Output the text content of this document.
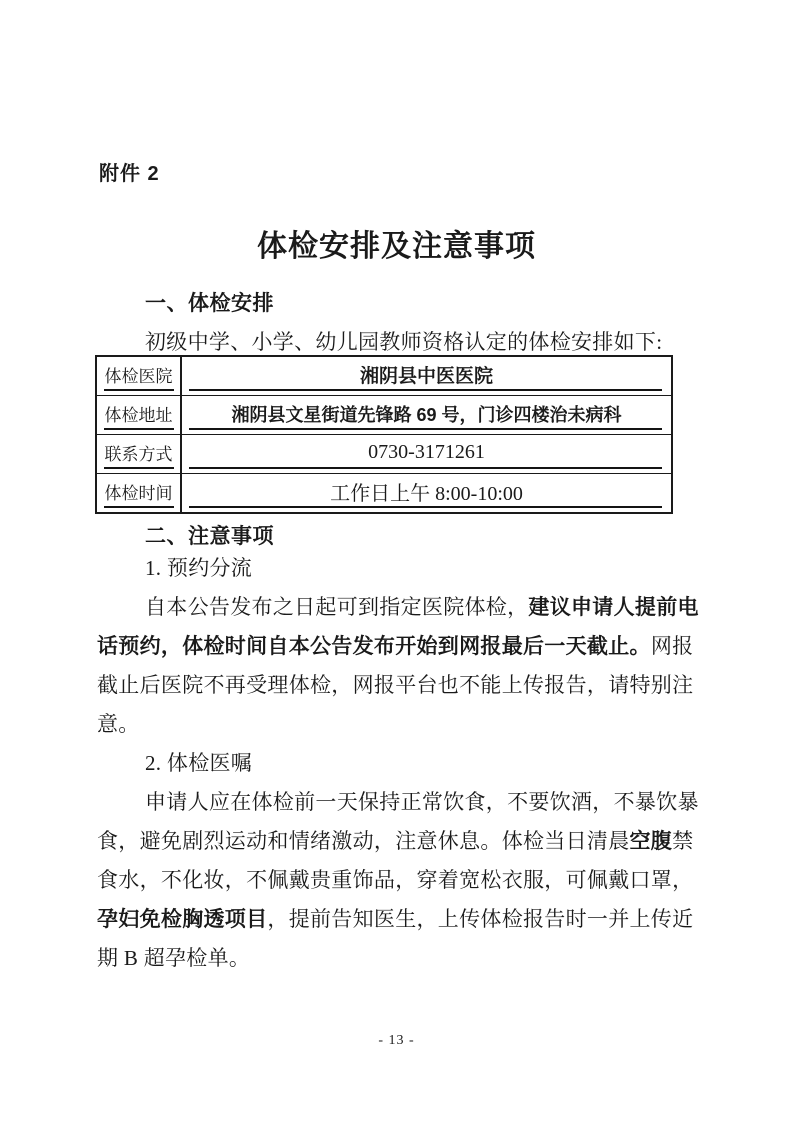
附件 2
体检安排及注意事项
一、体检安排
初级中学、小学、幼儿园教师资格认定的体检安排如下:
体检医院	湘阴县中医医院
体检地址	湘阴县文星街道先锋路 69 号，门诊四楼治未病科
联系方式	0730-3171261
体检时间	工作日上午 8:00-10:00
二、注意事项
1. 预约分流
自本公告发布之日起可到指定医院体检，建议申请人提前电
话预约，体检时间自本公告发布开始到网报最后一天截止。网报
截止后医院不再受理体检，网报平台也不能上传报告，请特别注
意。
2. 体检医嘱
申请人应在体检前一天保持正常饮食，不要饮酒，不暴饮暴
食，避免剧烈运动和情绪激动，注意休息。体检当日清晨空腹禁
食水，不化妆，不佩戴贵重饰品，穿着宽松衣服，可佩戴口罩，
孕妇免检胸透项目，提前告知医生，上传体检报告时一并上传近
期 B 超孕检单。
- 13 -
